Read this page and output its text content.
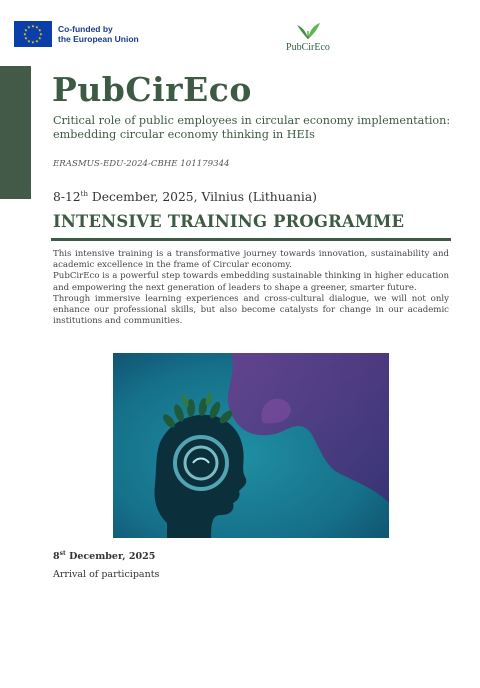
★ ★
★
★
★
★
★
★
★
★
★
★	Co-funded by
the European Union
PubCirEco
PubCirEco
Critical role of public employees in circular economy implementation: embedding circular economy thinking in HEIs
ERASMUS-EDU-2024-CBHE 101179344
8-12th December, 2025, Vilnius (Lithuania)
INTENSIVE TRAINING PROGRAMME

This intensive training is a transformative journey towards innovation, sustainability and academic excellence in the frame of Circular economy.

PubCirEco is a powerful step towards embedding sustainable thinking in higher education and empowering the next generation of leaders to shape a greener, smarter future.

Through immersive learning experiences and cross-cultural dialogue, we will not only enhance our professional skills, but also become catalysts for change in our academic institutions and communities.

8st December, 2025
Arrival of participants
